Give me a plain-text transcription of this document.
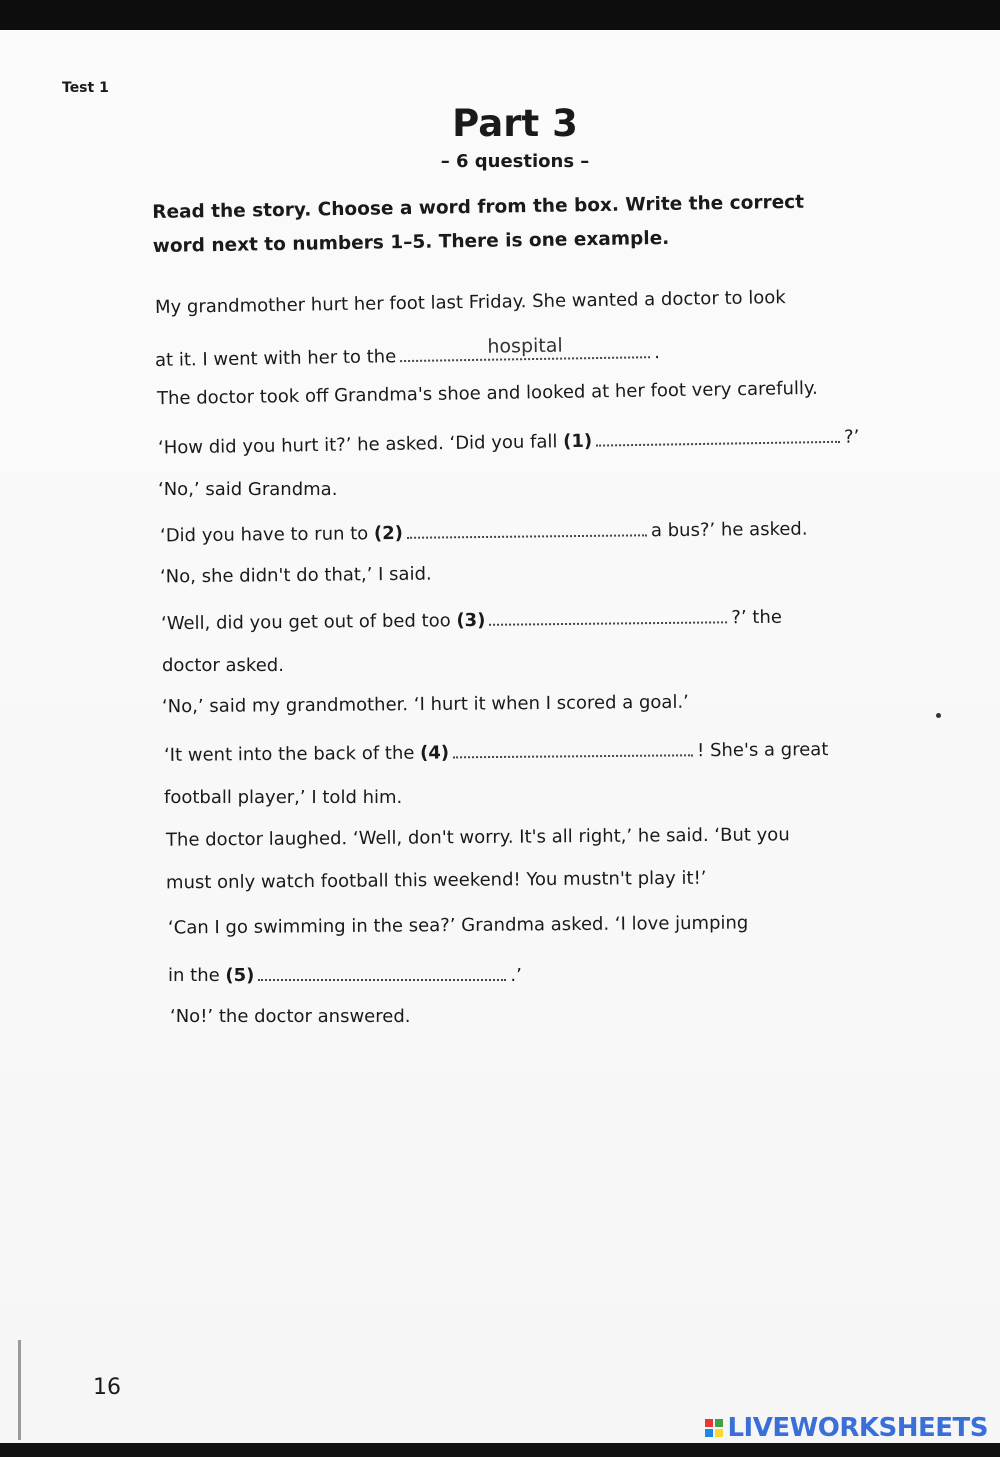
Test 1
Part 3
– 6 questions –
Read the story. Choose a word from the box. Write the correct word next to numbers 1–5. There is one example.
My grandmother hurt her foot last Friday. She wanted a doctor to look
at it. I went with her to the
hospital	.
The doctor took off Grandma's shoe and looked at her foot very carefully.
‘How did you hurt it?’ he asked. ‘Did you fall (1)	?’
‘No,’ said Grandma.
‘Did you have to run to (2)	a bus?’ he asked.
‘No, she didn't do that,’ I said.
‘Well, did you get out of bed too (3)	?’ the
doctor asked.
‘No,’ said my grandmother. ‘I hurt it when I scored a goal.’
‘It went into the back of the (4)	! She's a great
football player,’ I told him.
The doctor laughed. ‘Well, don't worry. It's all right,’ he said. ‘But you
must only watch football this weekend! You mustn't play it!’
‘Can I go swimming in the sea?’ Grandma asked. ‘I love jumping
in the (5)	.’
‘No!’ the doctor answered.
16
LIVEWORKSHEETS
